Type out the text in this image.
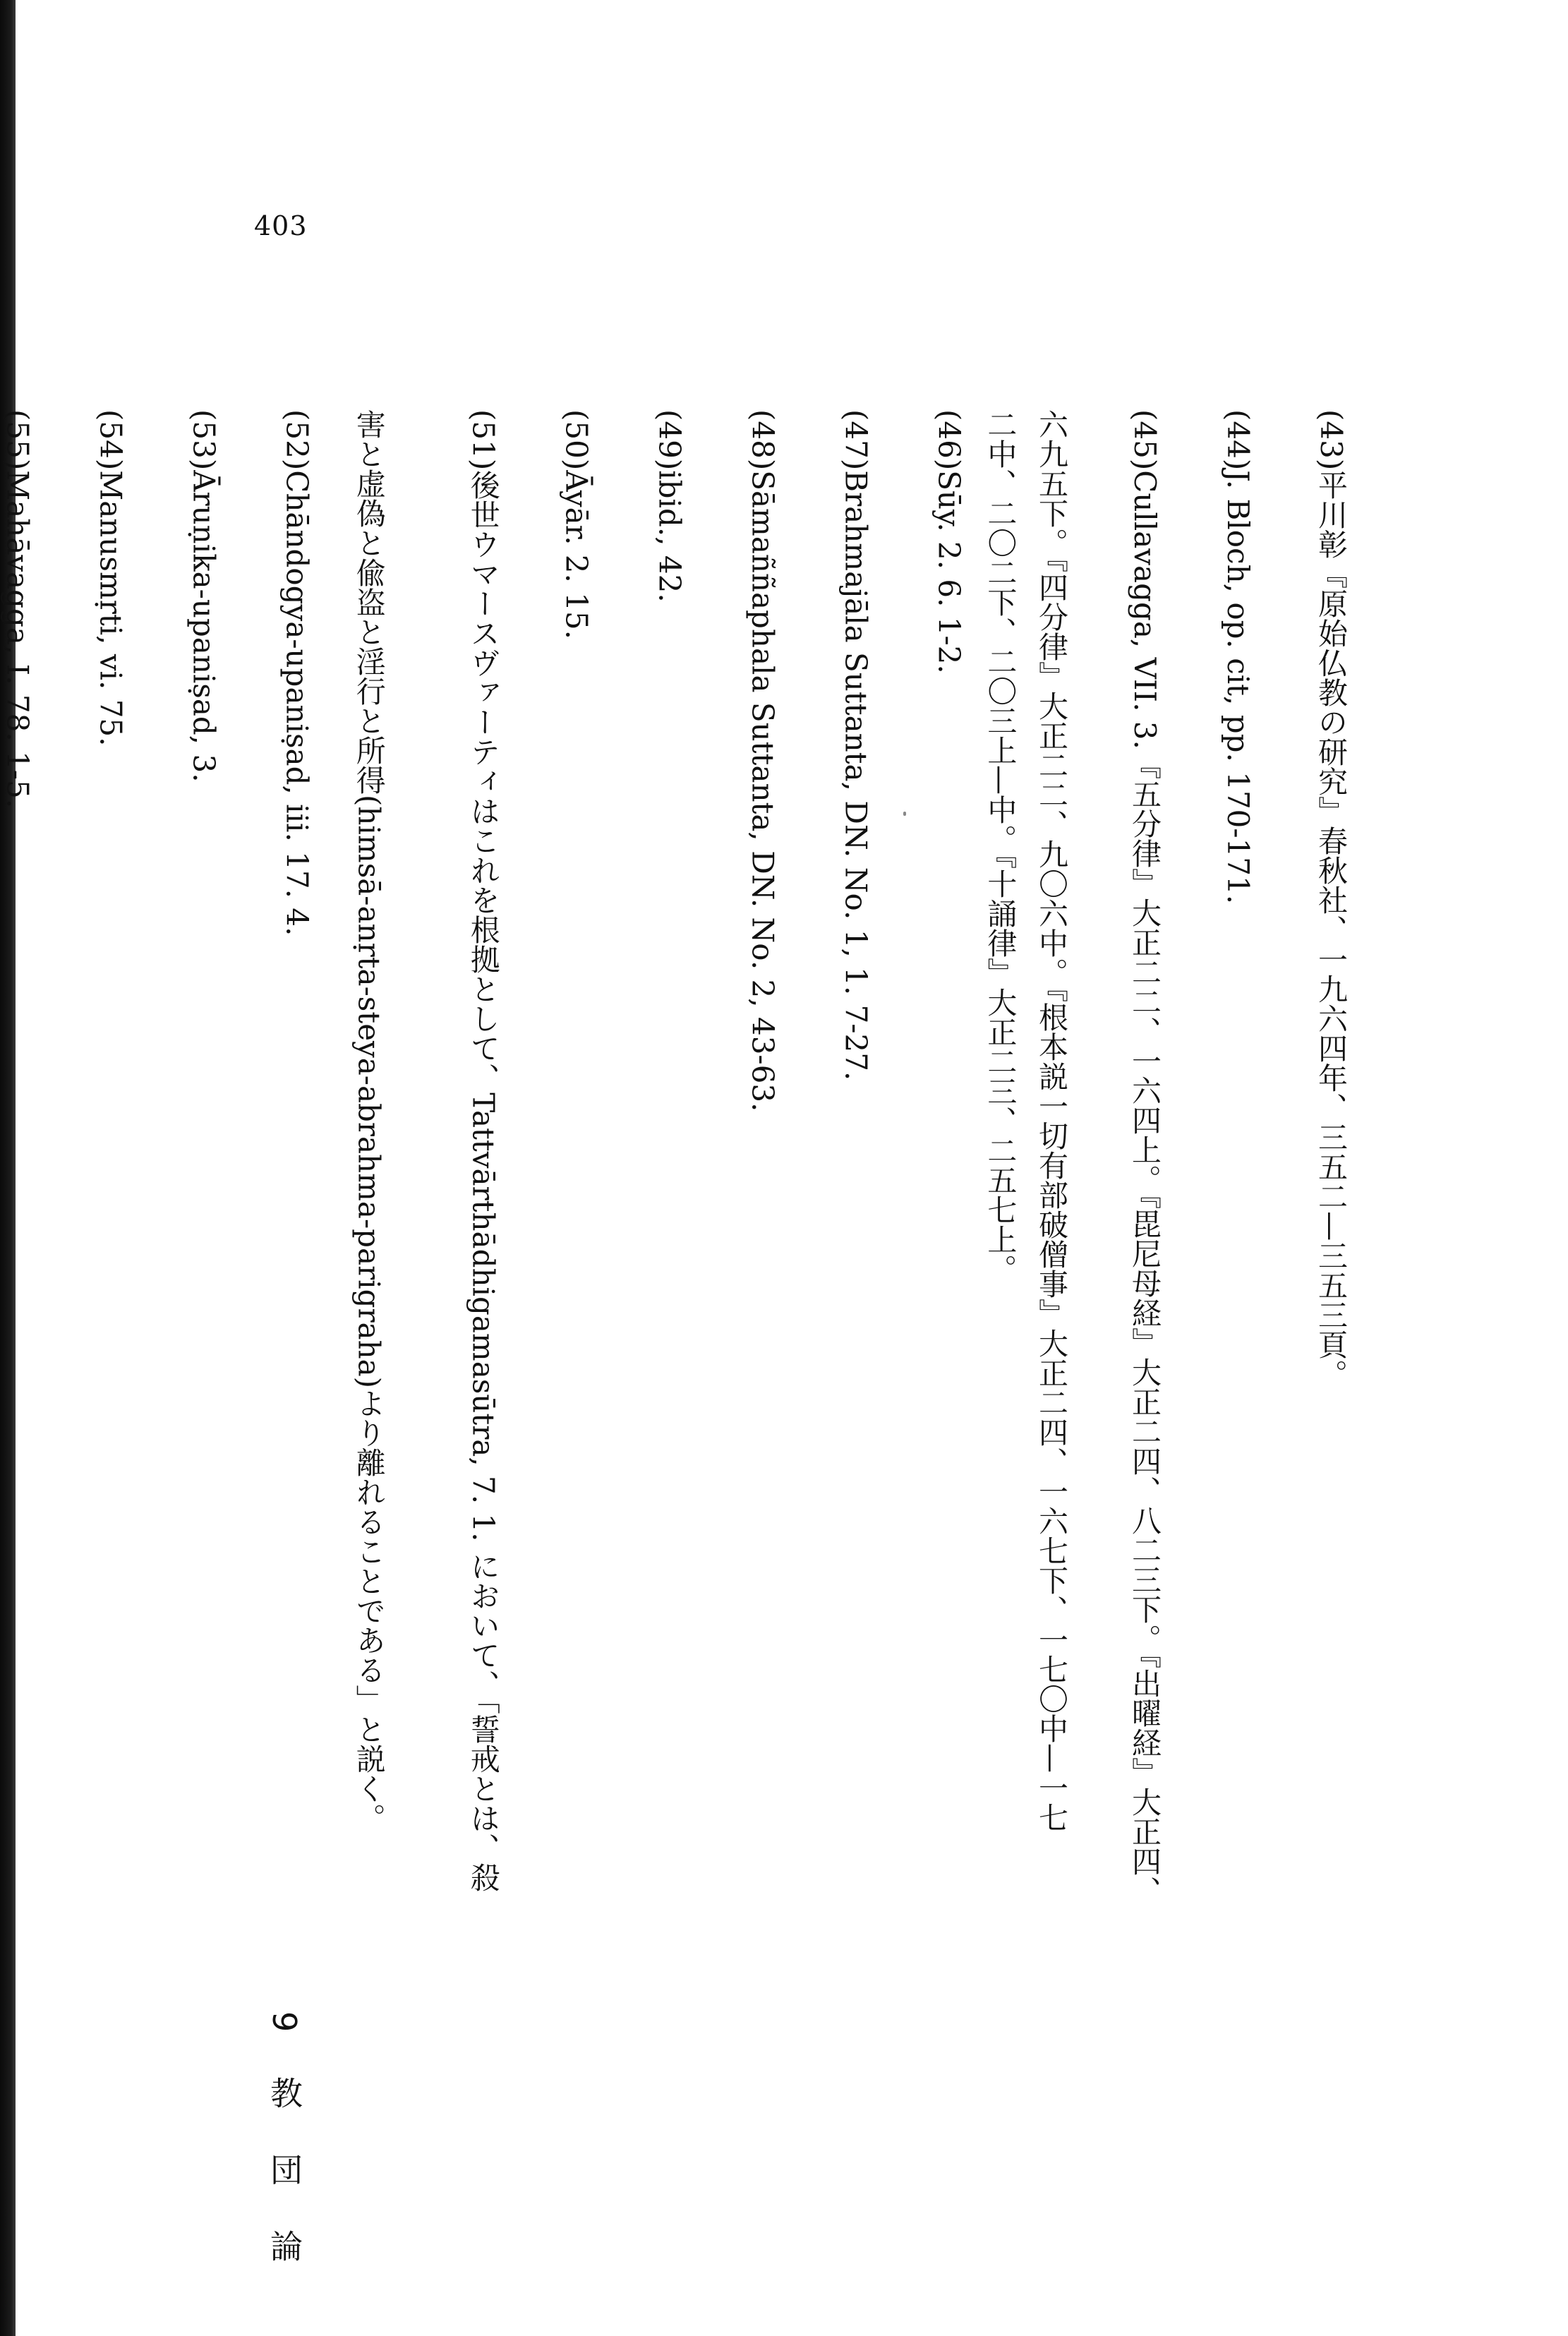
403
(43)平川彰『原始仏教の研究』春秋社、一九六四年、三五二—三五三頁。
(44)J. Bloch, op. cit, pp. 170-171.
(45)Cullavagga, VII. 3.『五分律』大正二二、一六四上。『毘尼母経』大正二四、八二三下。『出曜経』大正四、
六九五下。『四分律』大正二二、九〇六中。『根本説一切有部破僧事』大正二四、一六七下、一七〇中—一七
二中、二〇二下、二〇三上—中。『十誦律』大正二三、二五七上。
(46)Sūy. 2. 6. 1-2.
(47)Brahmajāla Suttanta, DN. No. 1, 1. 7-27.
(48)Sāmaññaphala Suttanta, DN. No. 2, 43-63.
(49)ibid., 42.
(50)Āyār. 2. 15.
(51)後世ウマースヴァーティはこれを根拠として、Tattvārthādhigamasūtra, 7. 1. において、「誓戒とは、殺
害と虚偽と偸盗と淫行と所得(himsā-anṛta-steya-abrahma-parigraha)より離れることである」と説く。
(52)Chāndogya-upaniṣad, iii. 17. 4.
(53)Āruṇika-upaniṣad, 3.
(54)Manusmṛti, vi. 75.
(55)Mahāvagga, I. 78. 1-5.
9 教 団 論
